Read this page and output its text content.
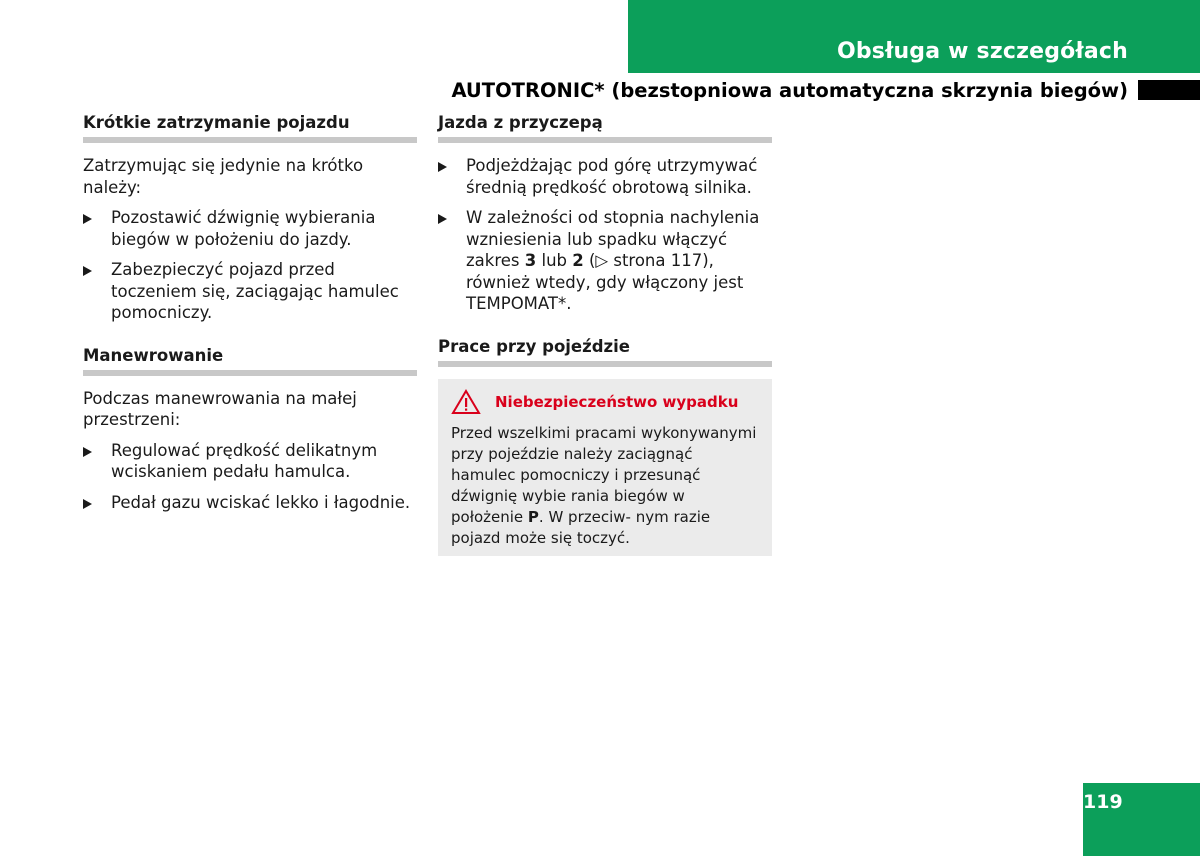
Obsługa w szczegółach
AUTOTRONIC* (bezstopniowa automatyczna skrzynia biegów)
Krótkie zatrzymanie pojazdu
Zatrzymując się jedynie na krótko należy:
Pozostawić dźwignię wybierania biegów w położeniu do jazdy.
Zabezpieczyć pojazd przed toczeniem się, zaciągając hamulec pomocniczy.
Manewrowanie
Podczas manewrowania na małej przestrzeni:
Regulować prędkość delikatnym wciskaniem pedału hamulca.
Pedał gazu wciskać lekko i łagodnie.
Jazda z przyczepą
Podjeżdżając pod górę utrzymywać średnią prędkość obrotową silnika.
W zależności od stopnia nachylenia wzniesienia lub spadku włączyć zakres 3 lub 2 (▷ strona 117), również wtedy, gdy włączony jest TEMPOMAT*.
Prace przy pojeździe
Niebezpieczeństwo wypadku
Przed wszelkimi pracami wykonywanymi przy pojeździe należy zaciągnąć hamulec pomocniczy i przesunąć dźwignię wybie rania biegów w położenie P. W przeciw- nym razie pojazd może się toczyć.
119
